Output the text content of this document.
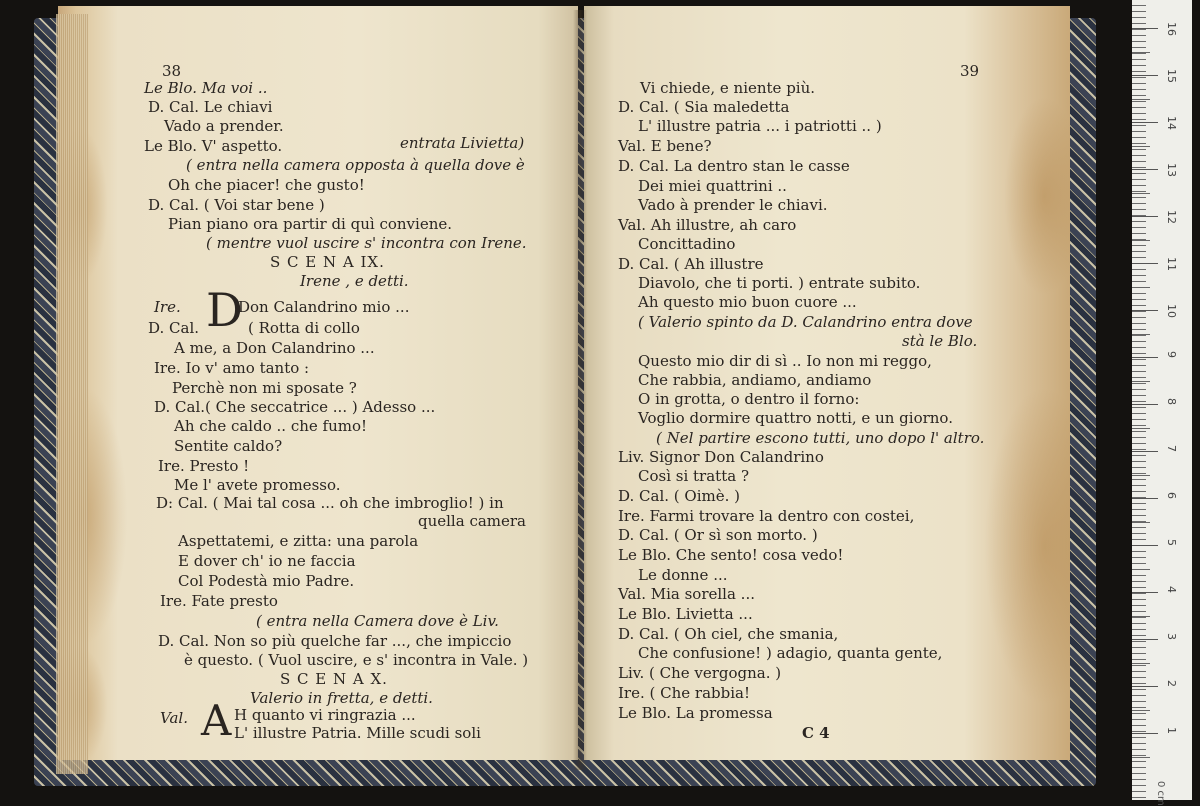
38
Le Blo. Ma voi ..
D. Cal. Le chiavi
Vado a prender.
Le Blo. V' aspetto.	entrata Livietta)
( entra nella camera opposta à quella dove è
Oh che piacer! che gusto!
D. Cal. ( Voi star bene )
Pian piano ora partir di quì conviene.
( mentre vuol uscire s' incontra con Irene.
S C E N A IX.
Irene , e detti.
Ire. D
Don Calandrino mio ...
D. Cal.	( Rotta di collo
A me, a Don Calandrino ...
Ire. Io v' amo tanto :
Perchè non mi sposate ?
D. Cal.( Che seccatrice ... ) Adesso ...
Ah che caldo .. che fumo!
Sentite caldo?
Ire. Presto !
Me l' avete promesso.
D: Cal. ( Mai tal cosa ... oh che imbroglio! ) in
quella camera
Aspettatemi, e zitta: una parola
E dover ch' io ne faccia
Col Podestà mio Padre.
Ire. Fate presto
( entra nella Camera dove è Liv.
D. Cal. Non so più quelche far ..., che impiccio
è questo. ( Vuol uscire, e s' incontra in Vale. )
S C E N A X.
Valerio in fretta, e detti.
Val. A H quanto vi ringrazia ...
L' illustre Patria. Mille scudi soli
39
Vi chiede, e niente più.
D. Cal. ( Sia maledetta
L' illustre patria ... i patriotti .. )
Val. E bene?
D. Cal. La dentro stan le casse
Dei miei quattrini ..
Vado à prender le chiavi.
Val. Ah illustre, ah caro
Concittadino
D. Cal. ( Ah illustre
Diavolo, che ti porti. ) entrate subito.
Ah questo mio buon cuore ...
( Valerio spinto da D. Calandrino entra dove
stà le Blo.
Questo mio dir di sì .. Io non mi reggo,
Che rabbia, andiamo, andiamo
O in grotta, o dentro il forno:
Voglio dormire quattro notti, e un giorno.
( Nel partire escono tutti, uno dopo l' altro.
Liv. Signor Don Calandrino
Così si tratta ?
D. Cal. ( Oimè. )
Ire. Farmi trovare la dentro con costei,
D. Cal. ( Or sì son morto. )
Le Blo. Che sento! cosa vedo!
Le donne ...
Val. Mia sorella ...
Le Blo. Livietta ...
D. Cal. ( Oh ciel, che smania,
Che confusione! ) adagio, quanta gente,
Liv. ( Che vergogna. )
Ire. ( Che rabbia!
Le Blo. La promessa
C 4
0 cm
16
15
14
13
12
11
10
9
8
7
6
5
4
3
2
1
